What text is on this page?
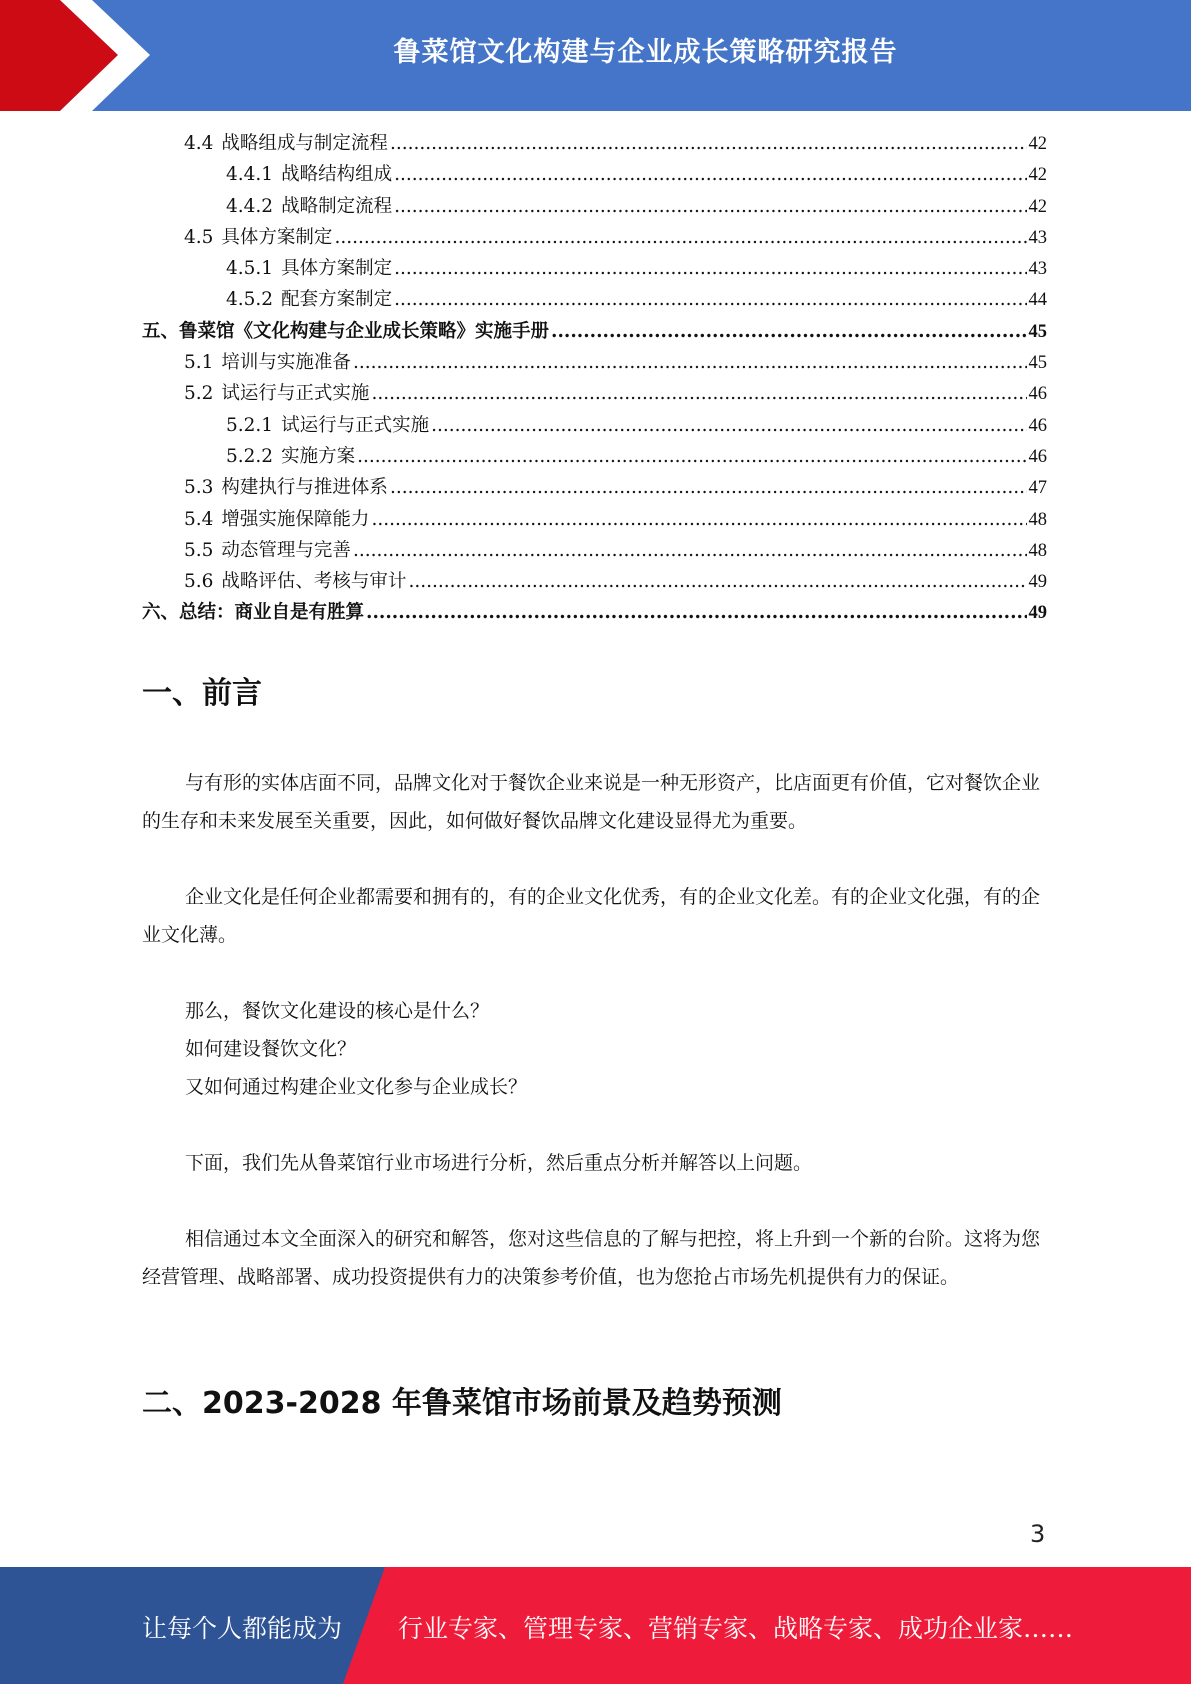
鲁菜馆文化构建与企业成长策略研究报告
4.4 战略组成与制定流程 .....	42
4.4.1 战略结构组成 .....	42
4.4.2 战略制定流程 .....	42
4.5 具体方案制定 .....	43
4.5.1 具体方案制定 .....	43
4.5.2 配套方案制定 .....	44
五、鲁菜馆《文化构建与企业成长策略》实施手册 .....	45
5.1 培训与实施准备 .....	45
5.2 试运行与正式实施 .....	46
5.2.1 试运行与正式实施 .....	46
5.2.2 实施方案 .....	46
5.3 构建执行与推进体系 .....	47
5.4 增强实施保障能力 .....	48
5.5 动态管理与完善 .....	48
5.6 战略评估、考核与审计 .....	49
六、总结：商业自是有胜算 .....	49
一、前言
与有形的实体店面不同，品牌文化对于餐饮企业来说是一种无形资产，比店面更有价值，它对餐饮企业的生存和未来发展至关重要，因此，如何做好餐饮品牌文化建设显得尤为重要。
企业文化是任何企业都需要和拥有的，有的企业文化优秀，有的企业文化差。有的企业文化强，有的企业文化薄。
那么，餐饮文化建设的核心是什么？
如何建设餐饮文化？
又如何通过构建企业文化参与企业成长？
下面，我们先从鲁菜馆行业市场进行分析，然后重点分析并解答以上问题。
相信通过本文全面深入的研究和解答，您对这些信息的了解与把控，将上升到一个新的台阶。这将为您经营管理、战略部署、成功投资提供有力的决策参考价值，也为您抢占市场先机提供有力的保证。
二、2023-2028 年鲁菜馆市场前景及趋势预测
3
让每个人都能成为 行业专家、管理专家、营销专家、战略专家、成功企业家……
